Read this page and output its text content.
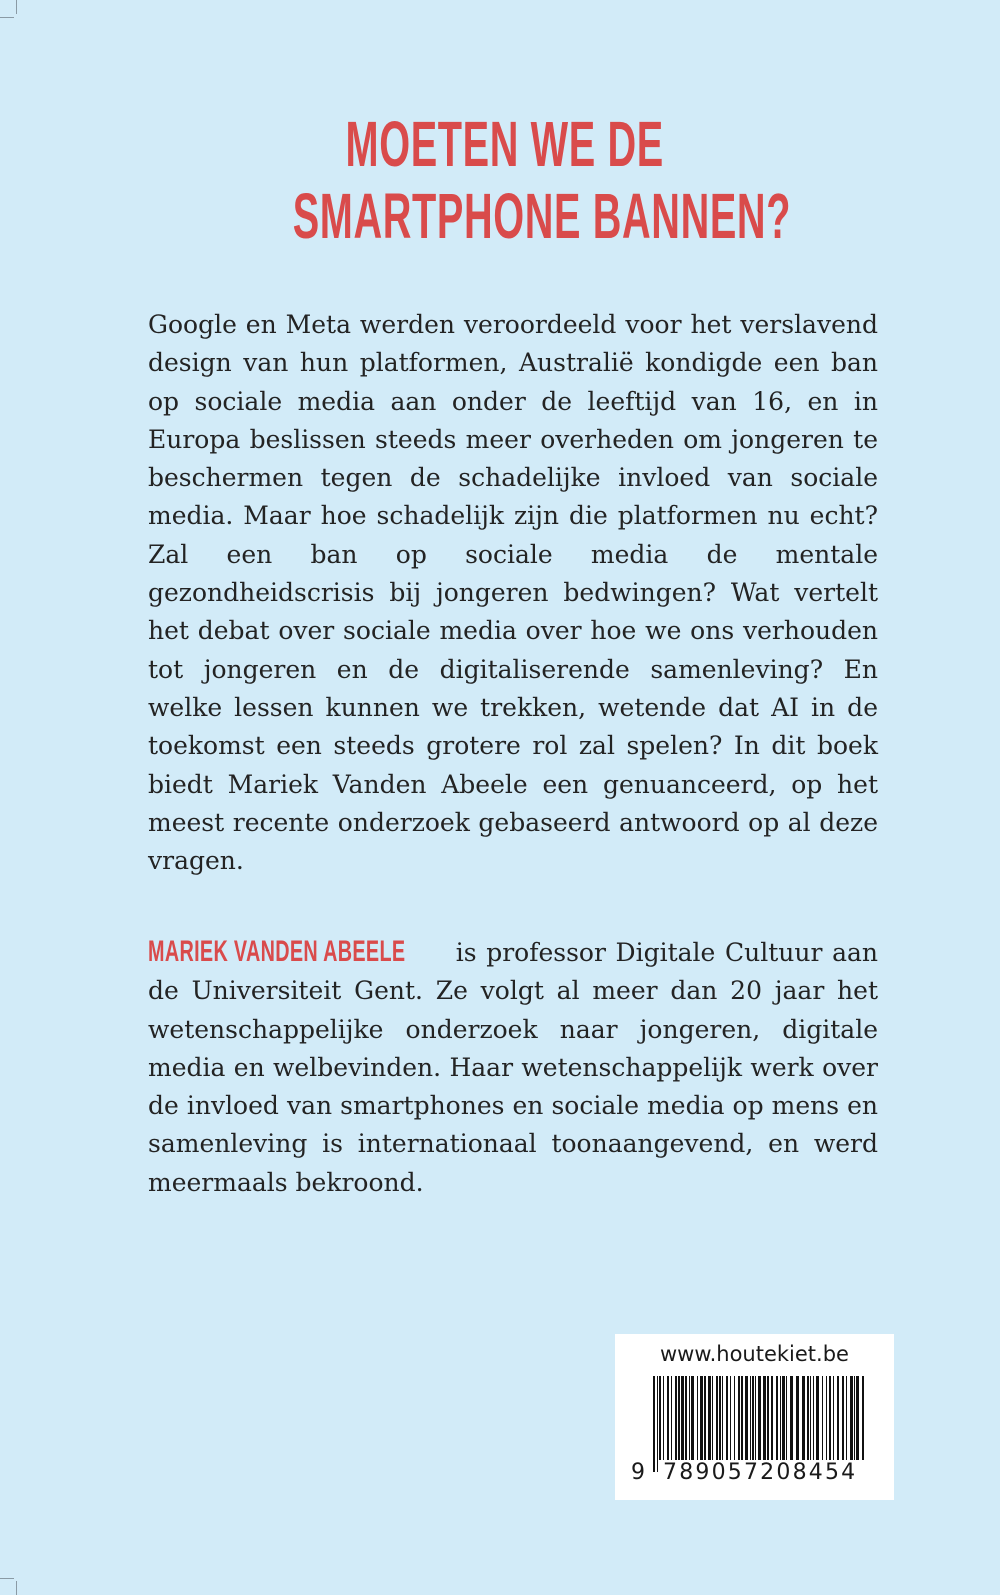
MOETEN WE DE
SMARTPHONE BANNEN?

Google en Meta werden veroordeeld voor het verslavend design van hun platformen, Australië kondigde een ban op sociale media aan onder de leeftijd van 16, en in Europa beslissen steeds meer overheden om jongeren te beschermen tegen de schadelijke invloed van sociale media. Maar hoe schadelijk zijn die platformen nu echt? Zal een ban op sociale media de mentale gezondheidscrisis bij jongeren bedwingen? Wat vertelt het debat over sociale media over hoe we ons verhouden tot jongeren en de digitaliserende samenleving? En welke lessen kunnen we trekken, wetende dat AI in de toekomst een steeds grotere rol zal spelen? In dit boek biedt Mariek Vanden Abeele een genuanceerd, op het meest recente onderzoek gebaseerd antwoord op al deze vragen.

MARIEK VANDEN ABEELE is professor Digitale Cultuur aan de Universiteit Gent. Ze volgt al meer dan 20 jaar het wetenschappelijke onderzoek naar jongeren, digitale media en welbevinden. Haar wetenschappelijk werk over de invloed van smartphones en sociale media op mens en samenleving is internationaal toonaangevend, en werd meermaals bekroond.

www.houtekiet.be
9 789057208454
